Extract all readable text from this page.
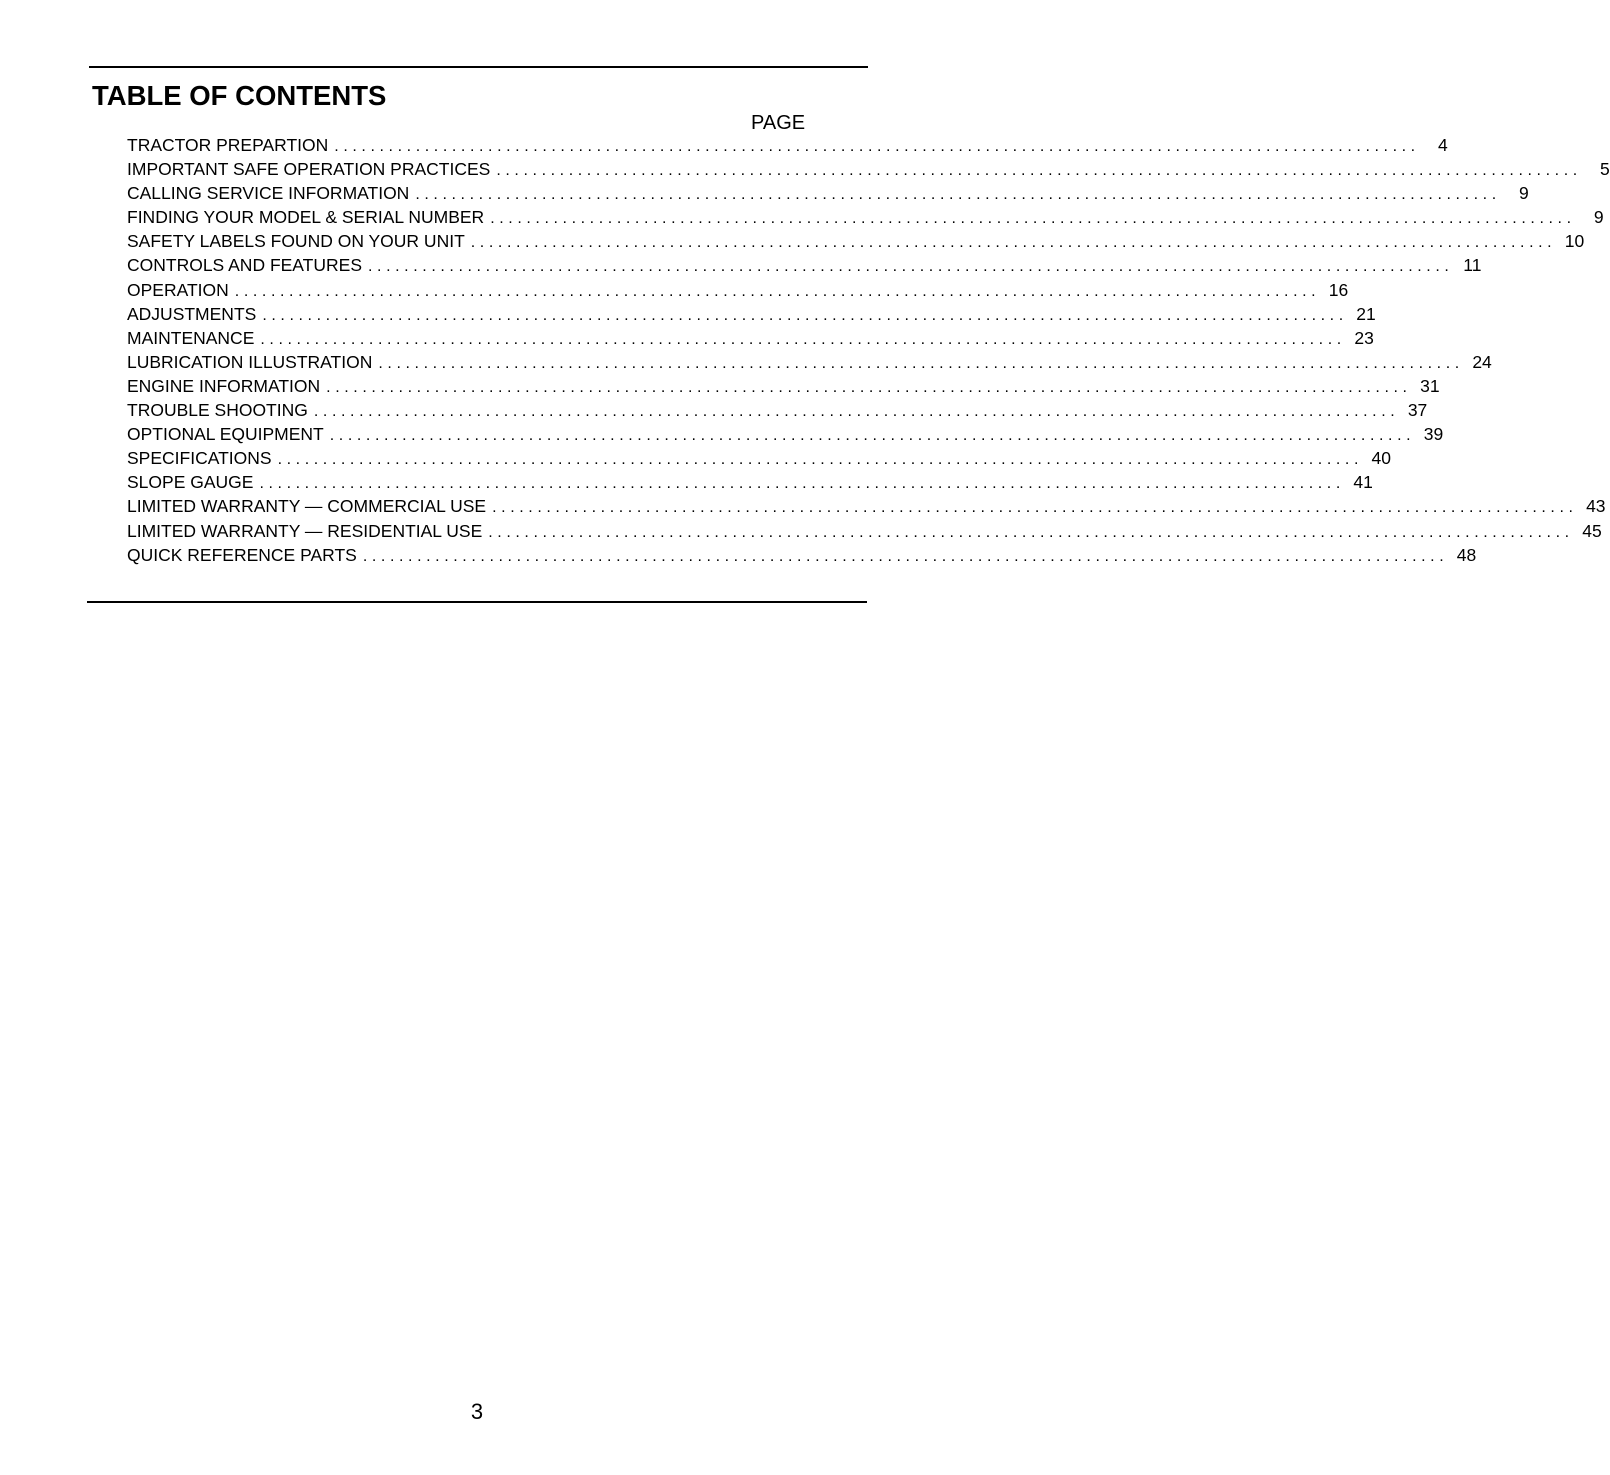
TABLE OF CONTENTS
PAGE
TRACTOR PREPARTION ........................................................................................................................	4
IMPORTANT SAFE OPERATION PRACTICES ........................................................................................................................	5
CALLING SERVICE INFORMATION ........................................................................................................................	9
FINDING YOUR MODEL & SERIAL NUMBER ........................................................................................................................	9
SAFETY LABELS FOUND ON YOUR UNIT ........................................................................................................................ 10
CONTROLS AND FEATURES ........................................................................................................................ 11
OPERATION ........................................................................................................................ 16
ADJUSTMENTS ........................................................................................................................ 21
MAINTENANCE ........................................................................................................................ 23
LUBRICATION ILLUSTRATION ........................................................................................................................ 24
ENGINE INFORMATION ........................................................................................................................ 31
TROUBLE SHOOTING ........................................................................................................................ 37
OPTIONAL EQUIPMENT ........................................................................................................................ 39
SPECIFICATIONS ........................................................................................................................ 40
SLOPE GAUGE ........................................................................................................................ 41
LIMITED WARRANTY — COMMERCIAL USE ........................................................................................................................ 43
LIMITED WARRANTY — RESIDENTIAL USE ........................................................................................................................ 45
QUICK REFERENCE PARTS ........................................................................................................................ 48
3
